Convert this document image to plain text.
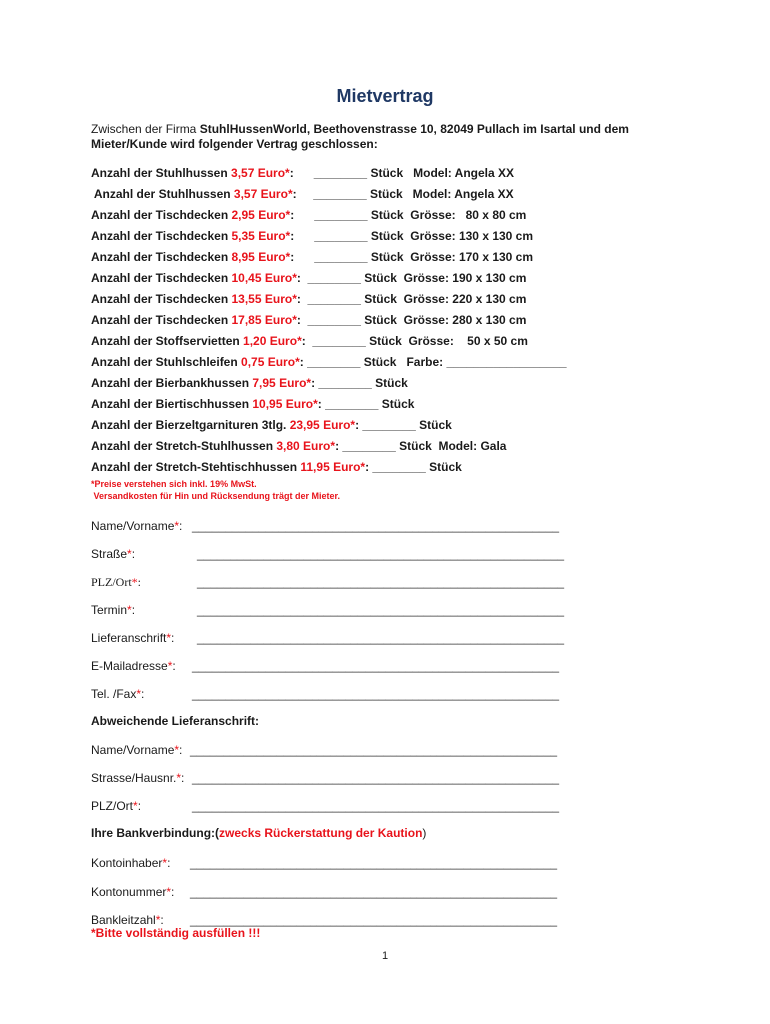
Mietvertrag
Zwischen der Firma StuhlHussenWorld, Beethovenstrasse 10, 82049 Pullach im Isartal und dem Mieter/Kunde wird folgender Vertrag geschlossen:
Anzahl der Stuhlhussen 3,57 Euro*:      ________ Stück   Model: Angela XX
Anzahl der Stuhlhussen 3,57 Euro*:     ________ Stück   Model: Angela XX
Anzahl der Tischdecken 2,95 Euro*:      ________ Stück  Grösse:   80 x 80 cm
Anzahl der Tischdecken 5,35 Euro*:      ________ Stück  Grösse: 130 x 130 cm
Anzahl der Tischdecken 8,95 Euro*:      ________ Stück  Grösse: 170 x 130 cm
Anzahl der Tischdecken 10,45 Euro*:  ________ Stück  Grösse: 190 x 130 cm
Anzahl der Tischdecken 13,55 Euro*:  ________ Stück  Grösse: 220 x 130 cm
Anzahl der Tischdecken 17,85 Euro*:  ________ Stück  Grösse: 280 x 130 cm
Anzahl der Stoffservietten 1,20 Euro*:  ________ Stück  Grösse:    50 x 50 cm
Anzahl der Stuhlschleifen 0,75 Euro*: ________ Stück   Farbe: __________________
Anzahl der Bierbankhussen 7,95 Euro*: ________ Stück
Anzahl der Biertischhussen 10,95 Euro*: ________ Stück
Anzahl der Bierzeltgarnituren 3tlg. 23,95 Euro*: ________ Stück
Anzahl der Stretch-Stuhlhussen 3,80 Euro*: ________ Stück  Model: Gala
Anzahl der Stretch-Stehtischhussen 11,95 Euro*: ________ Stück
*Preise verstehen sich inkl. 19% MwSt.
Versandkosten für Hin und Rücksendung trägt der Mieter.
Name/Vorname*: _______________________________________________________
Straße*:	_______________________________________________________
PLZ/Ort*:	_______________________________________________________
Termin*:	_______________________________________________________
Lieferanschrift*: _______________________________________________________
E-Mailadresse*: _______________________________________________________
Tel. /Fax*:	_______________________________________________________
Abweichende Lieferanschrift:
Name/Vorname*: _______________________________________________________
Strasse/Hausnr.*: _______________________________________________________
PLZ/Ort*:	_______________________________________________________
Ihre Bankverbindung:(zwecks Rückerstattung der Kaution)
Kontoinhaber*: _______________________________________________________
Kontonummer*: _______________________________________________________
Bankleitzahl*: _______________________________________________________
*Bitte vollständig ausfüllen !!!
1
